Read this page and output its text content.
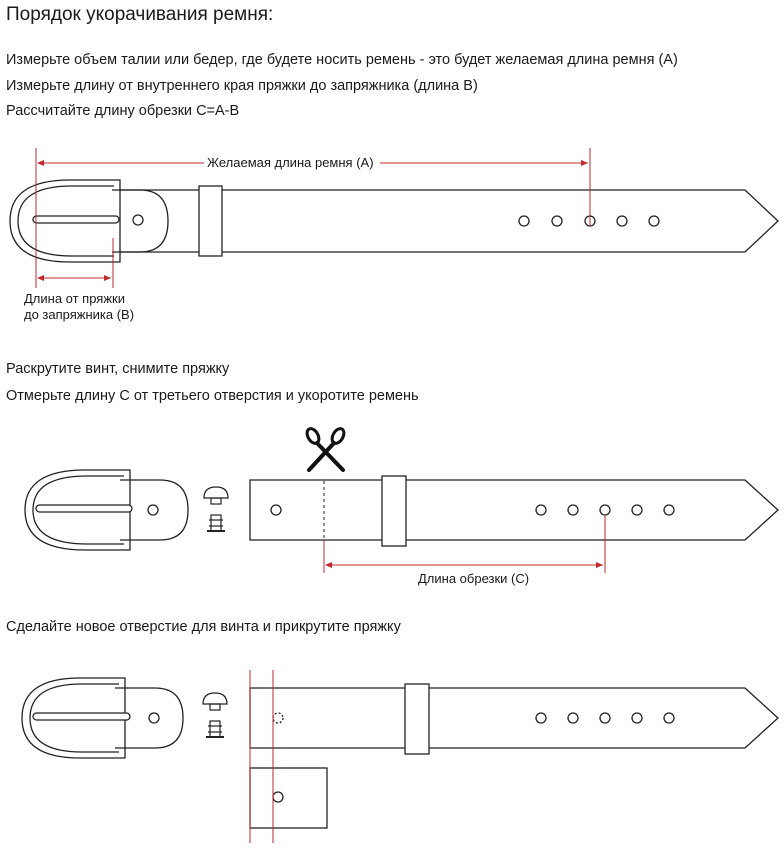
Порядок укорачивания ремня:
Измерьте объем талии или бедер, где будете носить ремень - это будет желаемая длина ремня (А)
Измерьте длину от внутреннего края пряжки до запряжника (длина В)
Рассчитайте длину обрезки С=А-В
Раскрутите винт, снимите пряжку
Отмерьте длину С от третьего отверстия и укоротите ремень
Сделайте новое отверстие для винта и прикрутите пряжку
Желаемая длина ремня (А)
Длина от пряжки
до запряжника (В)
Длина обрезки (С)
